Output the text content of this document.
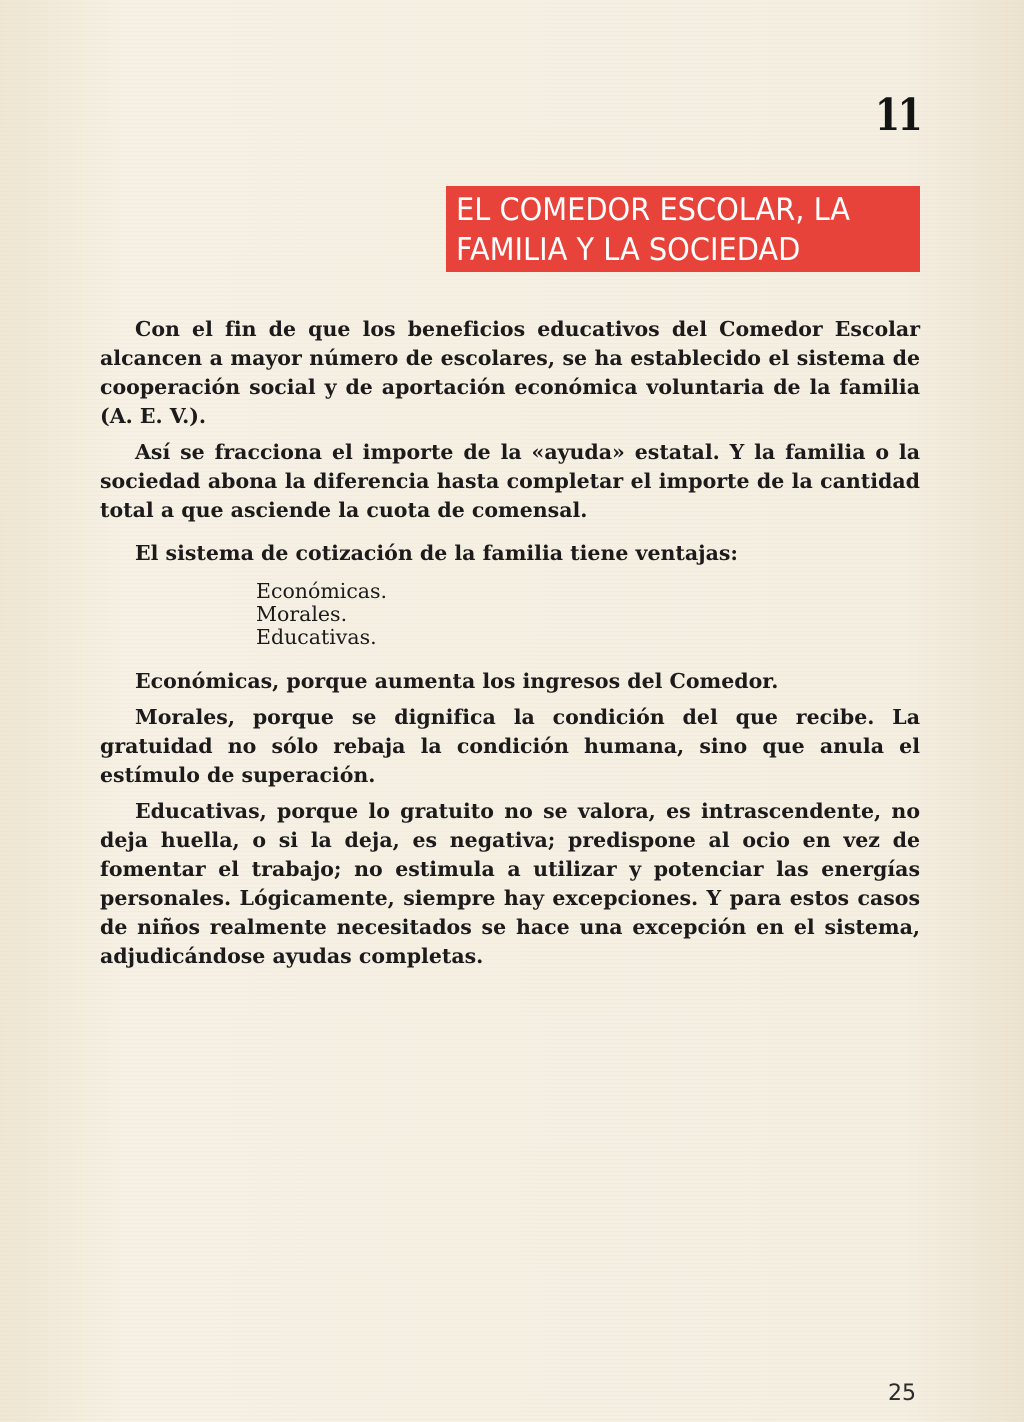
11
EL COMEDOR ESCOLAR, LA
FAMILIA Y LA SOCIEDAD

Con el fin de que los beneficios educativos del Comedor Escolar alcancen a mayor número de escolares, se ha establecido el sistema de cooperación social y de aportación económica voluntaria de la familia (A. E. V.).

Así se fracciona el importe de la «ayuda» estatal. Y la familia o la sociedad abona la diferencia hasta completar el importe de la cantidad total a que asciende la cuota de comensal.

El sistema de cotización de la familia tiene ventajas:

Económicas.
Morales.
Educativas.

Económicas, porque aumenta los ingresos del Comedor.

Morales, porque se dignifica la condición del que recibe. La gratuidad no sólo rebaja la condición humana, sino que anula el estímulo de superación.

Educativas, porque lo gratuito no se valora, es intrascendente, no deja huella, o si la deja, es negativa; predispone al ocio en vez de fomentar el trabajo; no estimula a utilizar y potenciar las energías personales. Lógicamente, siempre hay excepciones. Y para estos casos de niños realmente necesitados se hace una excepción en el sistema, adjudicándose ayudas completas.

25
